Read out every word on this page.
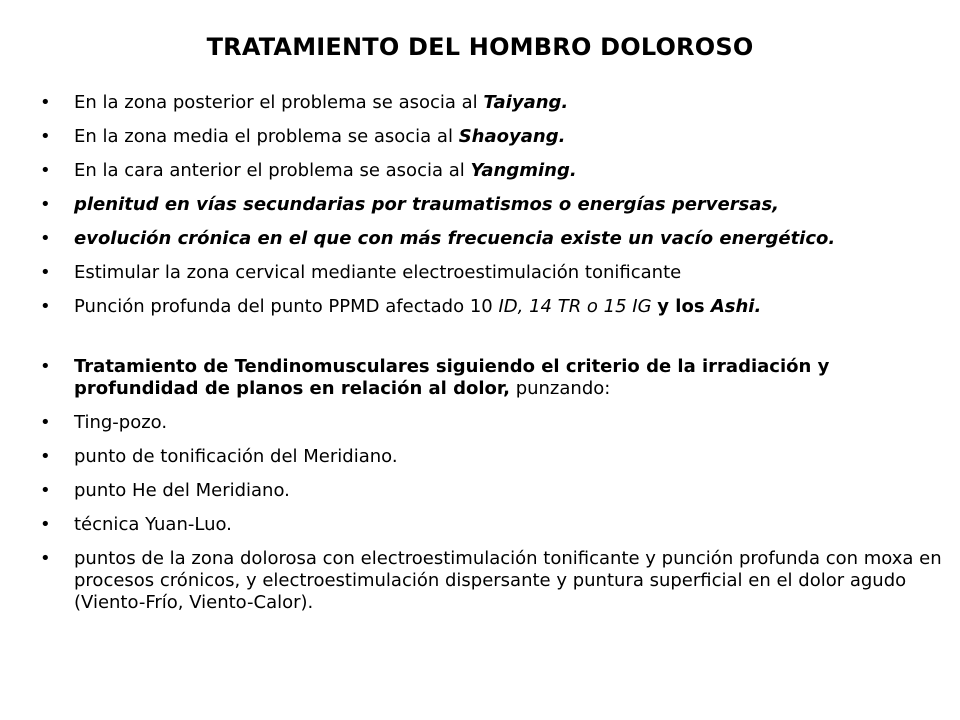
TRATAMIENTO DEL HOMBRO DOLOROSO
• En la zona posterior el problema se asocia al Taiyang.
• En la zona media el problema se asocia al Shaoyang.
• En la cara anterior el problema se asocia al Yangming.
• plenitud en vías secundarias por traumatismos o energías perversas,
• evolución crónica en el que con más frecuencia existe un vacío energético.
• Estimular la zona cervical mediante electroestimulación tonificante
• Punción profunda del punto PPMD afectado 10 ID, 14 TR o 15 IG y los Ashi.
• Tratamiento de Tendinomusculares siguiendo el criterio de la irradiación y profundidad de planos en relación al dolor, punzando:
• Ting-pozo.
• punto de tonificación del Meridiano.
• punto He del Meridiano.
• técnica Yuan-Luo.
• puntos de la zona dolorosa con electroestimulación tonificante y punción profunda con moxa en procesos crónicos, y electroestimulación dispersante y puntura superficial en el dolor agudo (Viento-Frío, Viento-Calor).
